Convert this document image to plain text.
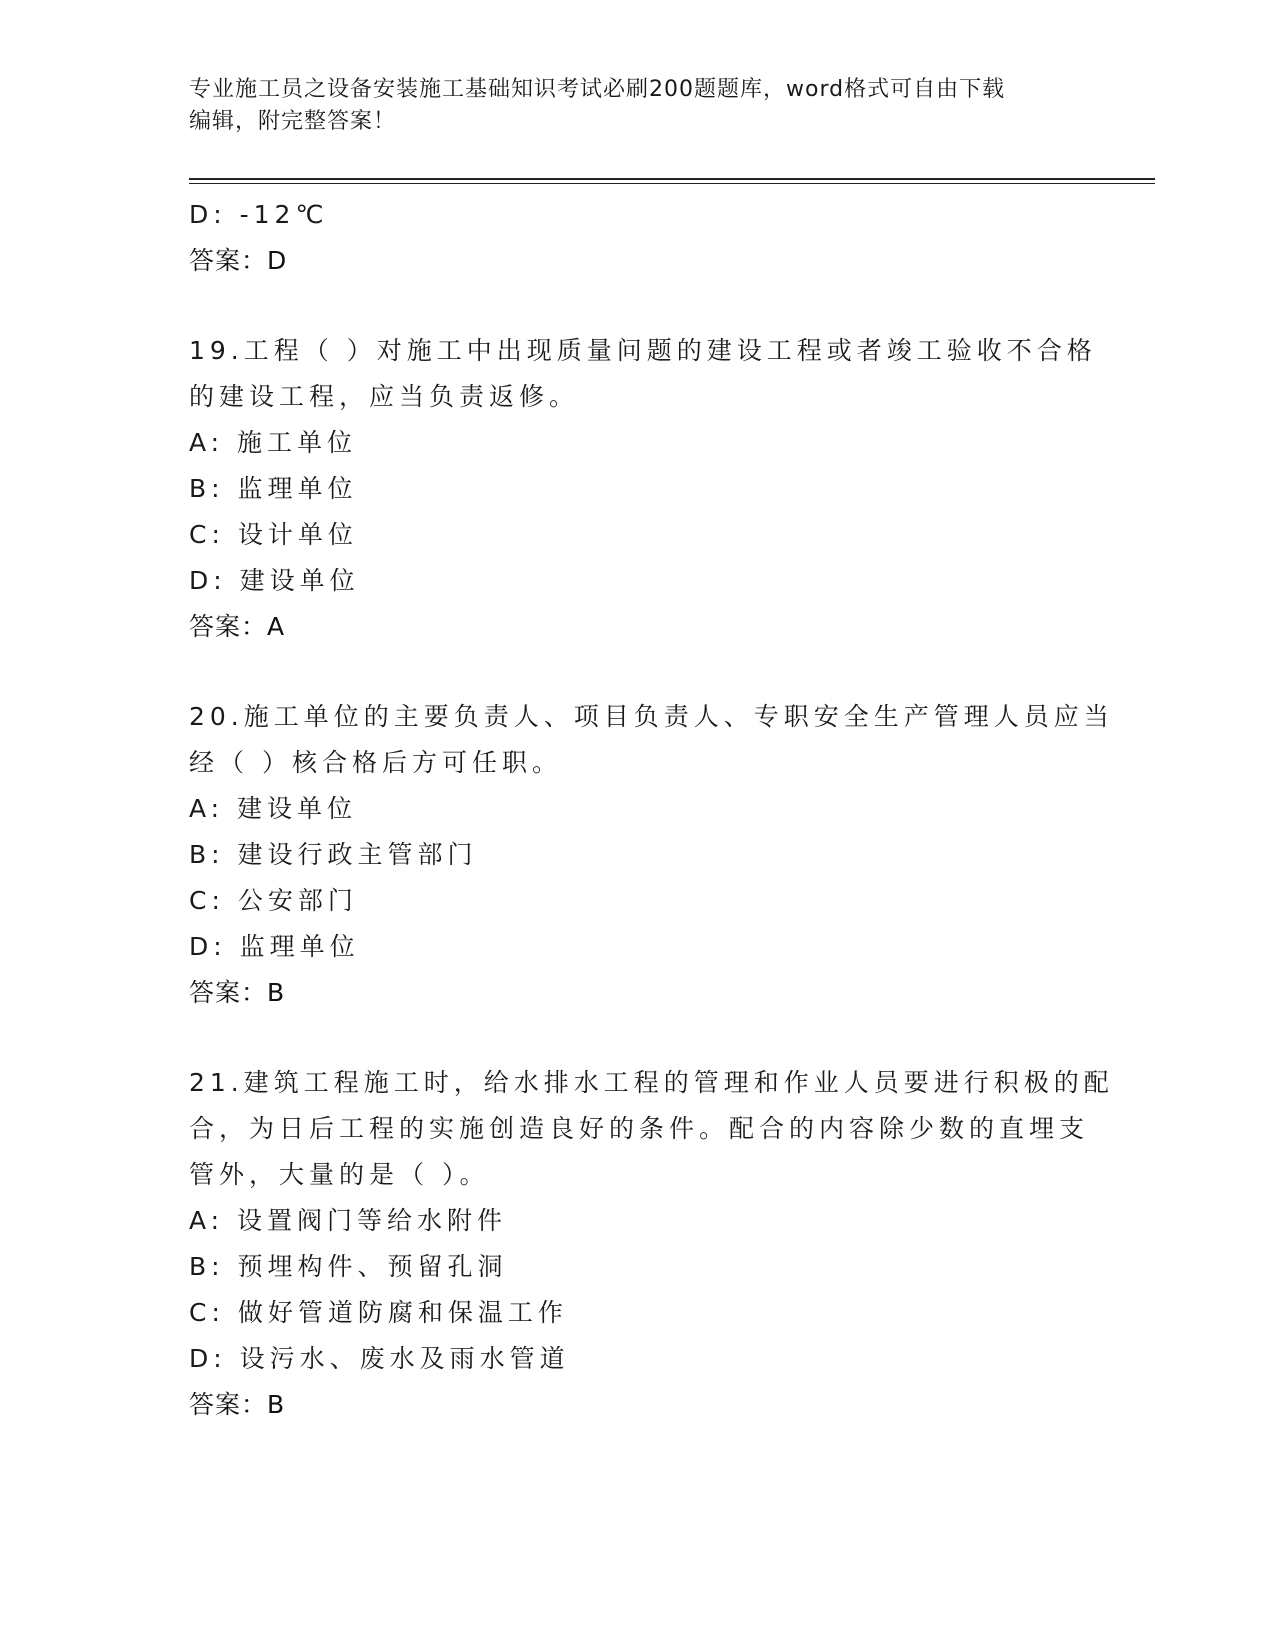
专业施工员之设备安装施工基础知识考试必刷200题题库，word格式可自由下载
编辑，附完整答案！
D: -12℃
答案：D
19.工程（ ）对施工中出现质量问题的建设工程或者竣工验收不合格
的建设工程，应当负责返修。
A: 施工单位
B: 监理单位
C: 设计单位
D: 建设单位
答案：A
20.施工单位的主要负责人、项目负责人、专职安全生产管理人员应当
经（ ）核合格后方可任职。
A: 建设单位
B: 建设行政主管部门
C: 公安部门
D: 监理单位
答案：B
21.建筑工程施工时，给水排水工程的管理和作业人员要进行积极的配
合，为日后工程的实施创造良好的条件。配合的内容除少数的直埋支
管外，大量的是（ ）。
A: 设置阀门等给水附件
B: 预埋构件、预留孔洞
C: 做好管道防腐和保温工作
D: 设污水、废水及雨水管道
答案：B
